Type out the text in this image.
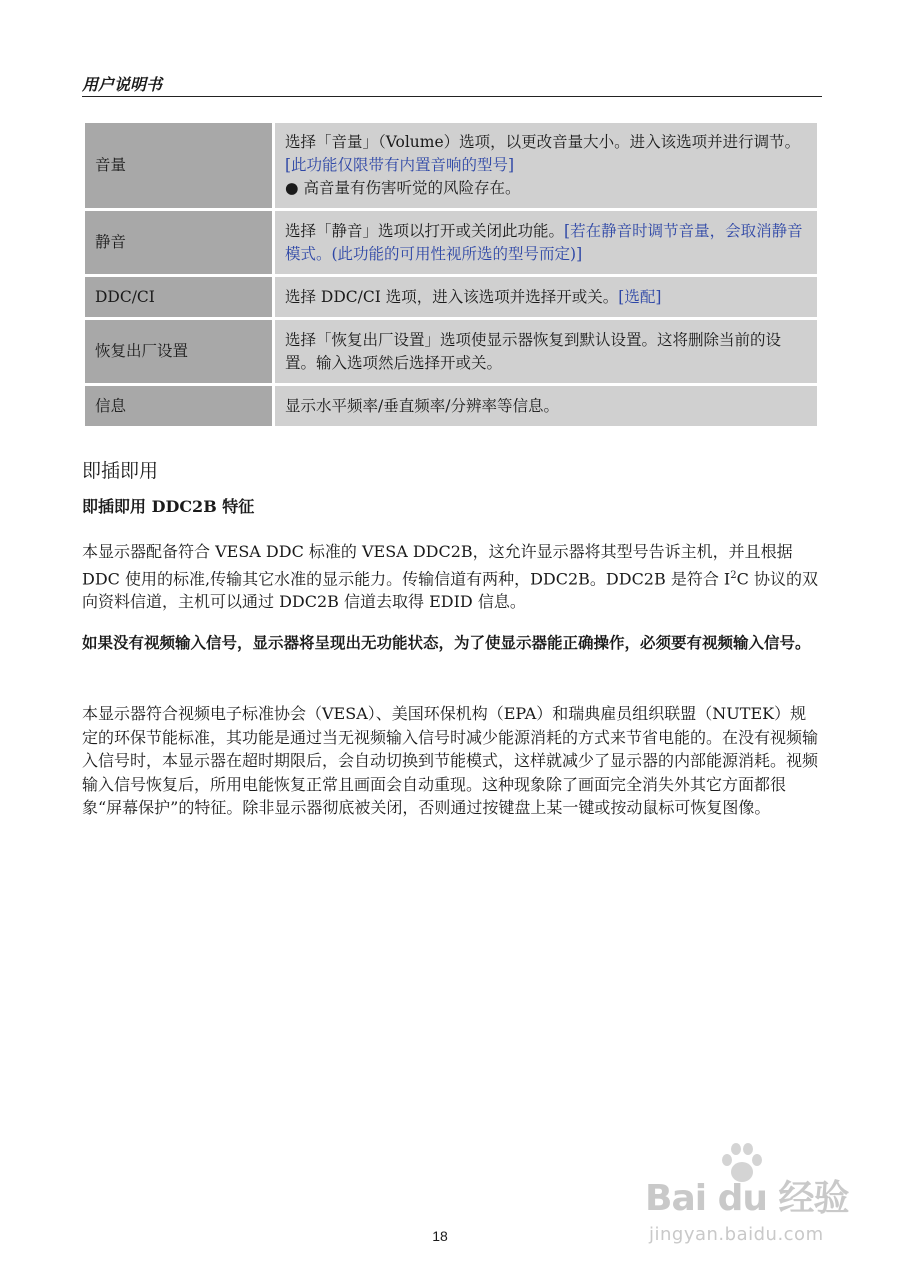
用户说明书
音量	选择「音量」（Volume）选项，以更改音量大小。进入该选项并进行调节。[此功能仅限带有内置音响的型号]
● 高音量有伤害听觉的风险存在。
静音	选择「静音」选项以打开或关闭此功能。[若在静音时调节音量，会取消静音模式。(此功能的可用性视所选的型号而定)]
DDC/CI	选择 DDC/CI 选项，进入该选项并选择开或关。[选配]
恢复出厂设置	选择「恢复出厂设置」选项使显示器恢复到默认设置。这将删除当前的设置。输入选项然后选择开或关。
信息	显示水平频率/垂直频率/分辨率等信息。
即插即用
即插即用 DDC2B 特征
本显示器配备符合 VESA DDC 标准的 VESA DDC2B，这允许显示器将其型号告诉主机，并且根据 DDC 使用的标准,传输其它水准的显示能力。传输信道有两种，DDC2B。DDC2B 是符合 $I^2C$ 协议的双向资料信道，主机可以通过 DDC2B 信道去取得 EDID 信息。
如果没有视频输入信号，显示器将呈现出无功能状态，为了使显示器能正确操作，必须要有视频输入信号。
本显示器符合视频电子标准协会（VESA）、美国环保机构（EPA）和瑞典雇员组织联盟（NUTEK）规定的环保节能标准，其功能是通过当无视频输入信号时减少能源消耗的方式来节省电能的。在没有视频输入信号时，本显示器在超时期限后，会自动切换到节能模式，这样就减少了显示器的内部能源消耗。视频输入信号恢复后，所用电能恢复正常且画面会自动重现。这种现象除了画面完全消失外其它方面都很象“屏幕保护”的特征。除非显示器彻底被关闭，否则通过按键盘上某一键或按动鼠标可恢复图像。
18
Bai du 经验
jingyan.baidu.com
